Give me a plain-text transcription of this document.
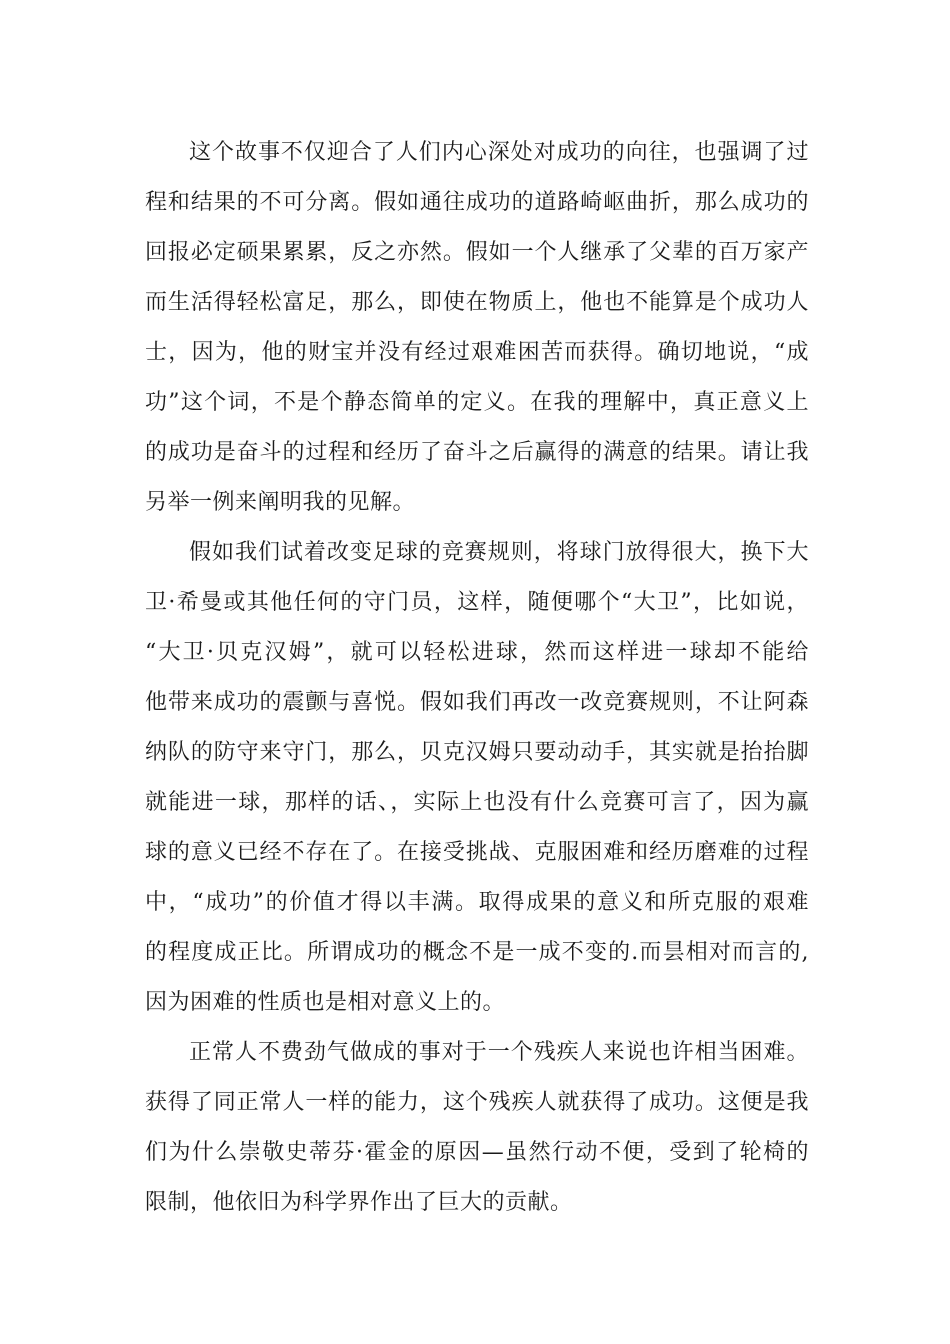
这个故事不仅迎合了人们内心深处对成功的向往，也强调了过
程和结果的不可分离。假如通往成功的道路崎岖曲折，那么成功的
回报必定硕果累累，反之亦然。假如一个人继承了父辈的百万家产
而生活得轻松富足，那么，即使在物质上，他也不能算是个成功人
士，因为，他的财宝并没有经过艰难困苦而获得。确切地说，“成
功”这个词，不是个静态简单的定义。在我的理解中，真正意义上
的成功是奋斗的过程和经历了奋斗之后赢得的满意的结果。请让我
另举一例来阐明我的见解。

假如我们试着改变足球的竞赛规则，将球门放得很大，换下大
卫·希曼或其他任何的守门员，这样，随便哪个“大卫”，比如说，
“大卫·贝克汉姆”，就可以轻松进球，然而这样进一球却不能给
他带来成功的震颤与喜悦。假如我们再改一改竞赛规则，不让阿森
纳队的防守来守门，那么，贝克汉姆只要动动手，其实就是抬抬脚
就能进一球，那样的话、，实际上也没有什么竞赛可言了，因为赢
球的意义已经不存在了。在接受挑战、克服困难和经历磨难的过程
中，“成功”的价值才得以丰满。取得成果的意义和所克服的艰难
的程度成正比。所谓成功的概念不是一成不变的.而昙相对而言的,
因为困难的性质也是相对意义上的。

正常人不费劲气做成的事对于一个残疾人来说也许相当困难。
获得了同正常人一样的能力，这个残疾人就获得了成功。这便是我
们为什么崇敬史蒂芬·霍金的原因—虽然行动不便，受到了轮椅的
限制，他依旧为科学界作出了巨大的贡献。
